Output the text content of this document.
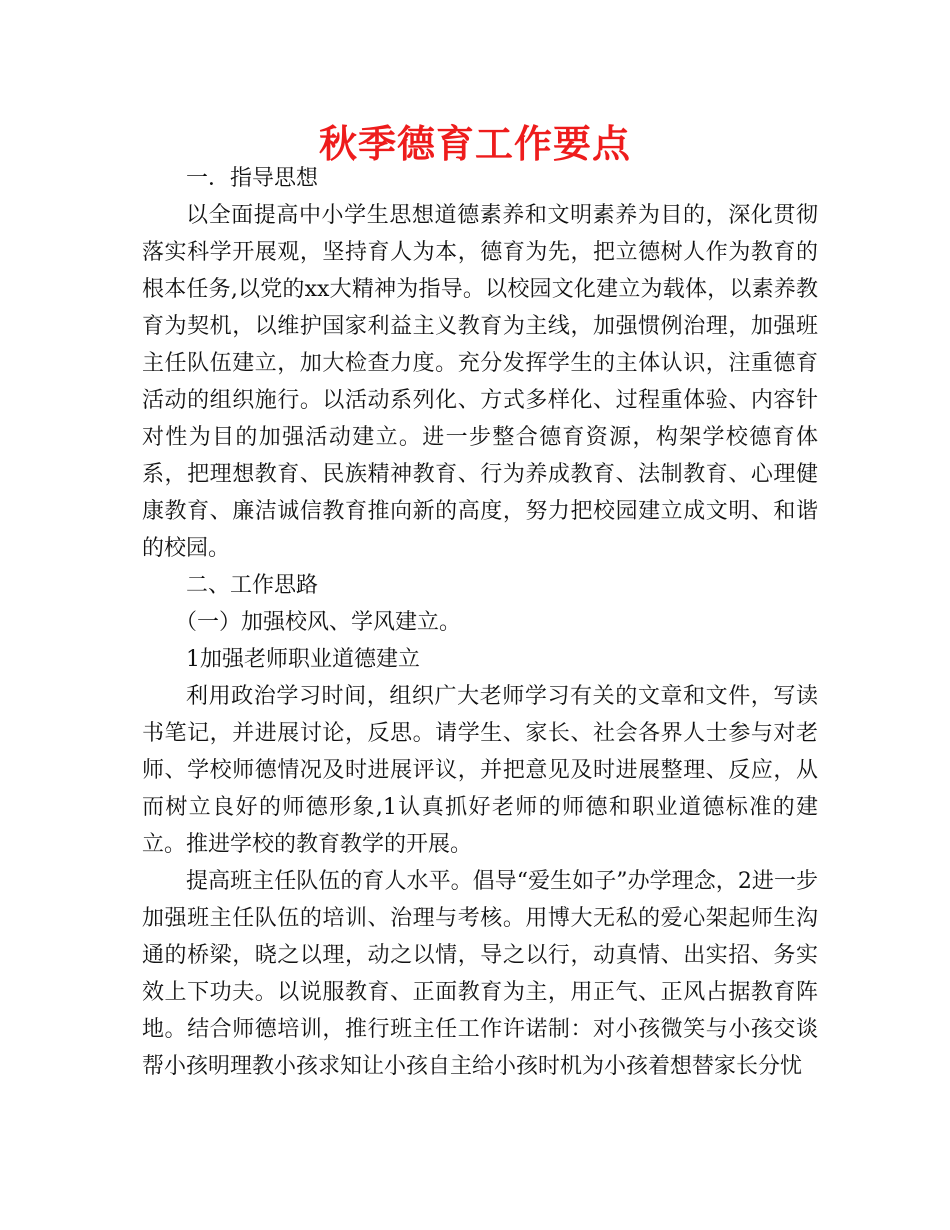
秋季德育工作要点

一．指导思想

以全面提高中小学生思想道德素养和文明素养为目的，深化贯彻落实科学开展观，坚持育人为本，德育为先，把立德树人作为教育的根本任务,以党的xx大精神为指导。以校园文化建立为载体，以素养教育为契机，以维护国家利益主义教育为主线，加强惯例治理，加强班主任队伍建立，加大检查力度。充分发挥学生的主体认识，注重德育活动的组织施行。以活动系列化、方式多样化、过程重体验、内容针对性为目的加强活动建立。进一步整合德育资源，构架学校德育体系，把理想教育、民族精神教育、行为养成教育、法制教育、心理健康教育、廉洁诚信教育推向新的高度，努力把校园建立成文明、和谐的校园。

二、工作思路

（一）加强校风、学风建立。

1加强老师职业道德建立

利用政治学习时间，组织广大老师学习有关的文章和文件，写读书笔记，并进展讨论，反思。请学生、家长、社会各界人士参与对老师、学校师德情况及时进展评议，并把意见及时进展整理、反应，从而树立良好的师德形象,1认真抓好老师的师德和职业道德标准的建立。推进学校的教育教学的开展。

提高班主任队伍的育人水平。倡导“爱生如子”办学理念，2进一步加强班主任队伍的培训、治理与考核。用博大无私的爱心架起师生沟通的桥梁，晓之以理，动之以情，导之以行，动真情、出实招、务实效上下功夫。以说服教育、正面教育为主，用正气、正风占据教育阵地。结合师德培训，推行班主任工作许诺制：对小孩微笑与小孩交谈帮小孩明理教小孩求知让小孩自主给小孩时机为小孩着想替家长分忧
